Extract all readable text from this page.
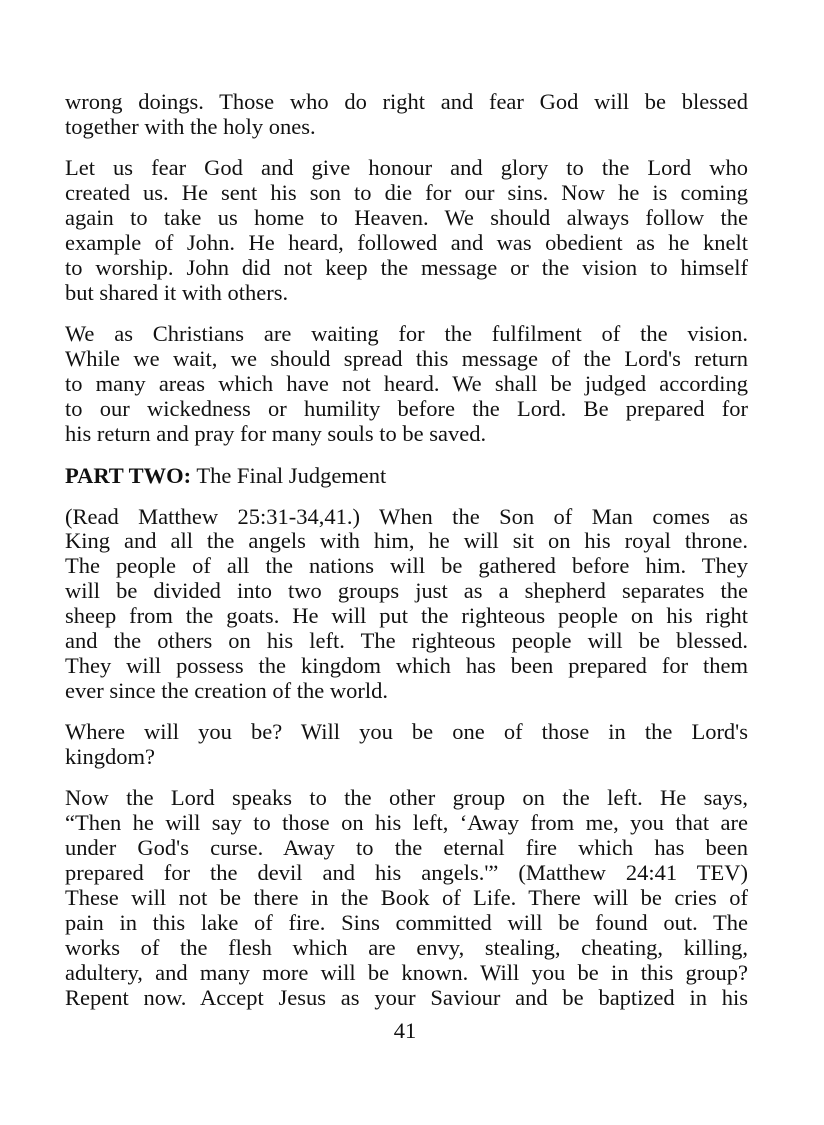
wrong doings. Those who do right and fear God will be blessed
together with the holy ones.
Let us fear God and give honour and glory to the Lord who
created us. He sent his son to die for our sins. Now he is coming
again to take us home to Heaven. We should always follow the
example of John. He heard, followed and was obedient as he knelt
to worship. John did not keep the message or the vision to himself
but shared it with others.
We as Christians are waiting for the fulfilment of the vision.
While we wait, we should spread this message of the Lord's return
to many areas which have not heard. We shall be judged according
to our wickedness or humility before the Lord. Be prepared for
his return and pray for many souls to be saved.
PART TWO: The Final Judgement
(Read Matthew 25:31-34,41.) When the Son of Man comes as
King and all the angels with him, he will sit on his royal throne.
The people of all the nations will be gathered before him. They
will be divided into two groups just as a shepherd separates the
sheep from the goats. He will put the righteous people on his right
and the others on his left. The righteous people will be blessed.
They will possess the kingdom which has been prepared for them
ever since the creation of the world.
Where will you be? Will you be one of those in the Lord's
kingdom?
Now the Lord speaks to the other group on the left. He says,
“Then he will say to those on his left, ‘Away from me, you that are
under God's curse. Away to the eternal fire which has been
prepared for the devil and his angels.'” (Matthew 24:41 TEV)
These will not be there in the Book of Life. There will be cries of
pain in this lake of fire. Sins committed will be found out. The
works of the flesh which are envy, stealing, cheating, killing,
adultery, and many more will be known. Will you be in this group?
Repent now. Accept Jesus as your Saviour and be baptized in his
41
